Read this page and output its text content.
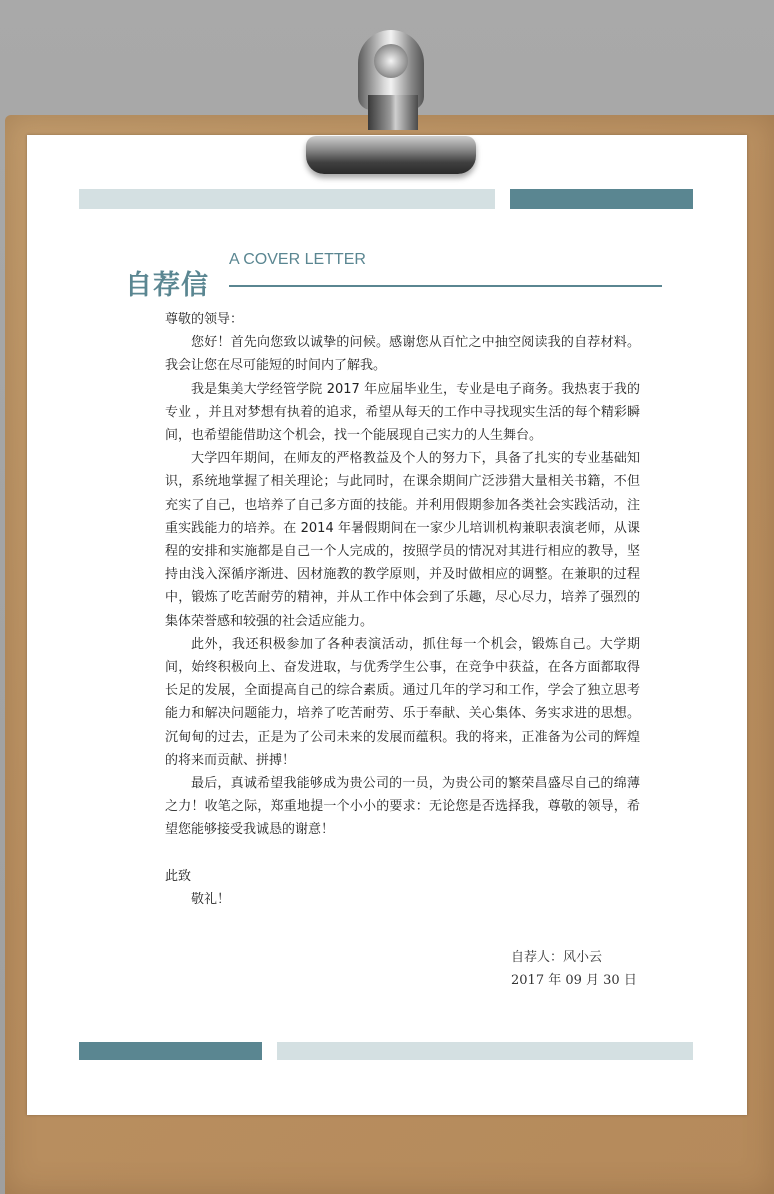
自荐信
A COVER LETTER

尊敬的领导：

您好！首先向您致以诚挚的问候。感谢您从百忙之中抽空阅读我的自荐材料。我会让您在尽可能短的时间内了解我。

我是集美大学经管学院 2017 年应届毕业生，专业是电子商务。我热衷于我的专业 ，并且对梦想有执着的追求，希望从每天的工作中寻找现实生活的每个精彩瞬间，也希望能借助这个机会，找一个能展现自己实力的人生舞台。

大学四年期间，在师友的严格教益及个人的努力下，具备了扎实的专业基础知识，系统地掌握了相关理论；与此同时，在课余期间广泛涉猎大量相关书籍，不但充实了自己，也培养了自己多方面的技能。并利用假期参加各类社会实践活动，注重实践能力的培养。在 2014 年暑假期间在一家少儿培训机构兼职表演老师，从课程的安排和实施都是自己一个人完成的，按照学员的情况对其进行相应的教导，坚持由浅入深循序渐进、因材施教的教学原则，并及时做相应的调整。在兼职的过程中，锻炼了吃苦耐劳的精神，并从工作中体会到了乐趣，尽心尽力，培养了强烈的集体荣誉感和较强的社会适应能力。

此外，我还积极参加了各种表演活动，抓住每一个机会，锻炼自己。大学期间，始终积极向上、奋发进取，与优秀学生公事，在竞争中获益，在各方面都取得长足的发展，全面提高自己的综合素质。通过几年的学习和工作，学会了独立思考能力和解决问题能力，培养了吃苦耐劳、乐于奉献、关心集体、务实求进的思想。沉甸甸的过去，正是为了公司未来的发展而蕴积。我的将来，正准备为公司的辉煌的将来而贡献、拼搏！

最后，真诚希望我能够成为贵公司的一员，为贵公司的繁荣昌盛尽自己的绵薄之力！收笔之际，郑重地提一个小小的要求：无论您是否选择我，尊敬的领导，希望您能够接受我诚恳的谢意！

此致

敬礼！

自荐人：风小云
2017 年 09 月 30 日
